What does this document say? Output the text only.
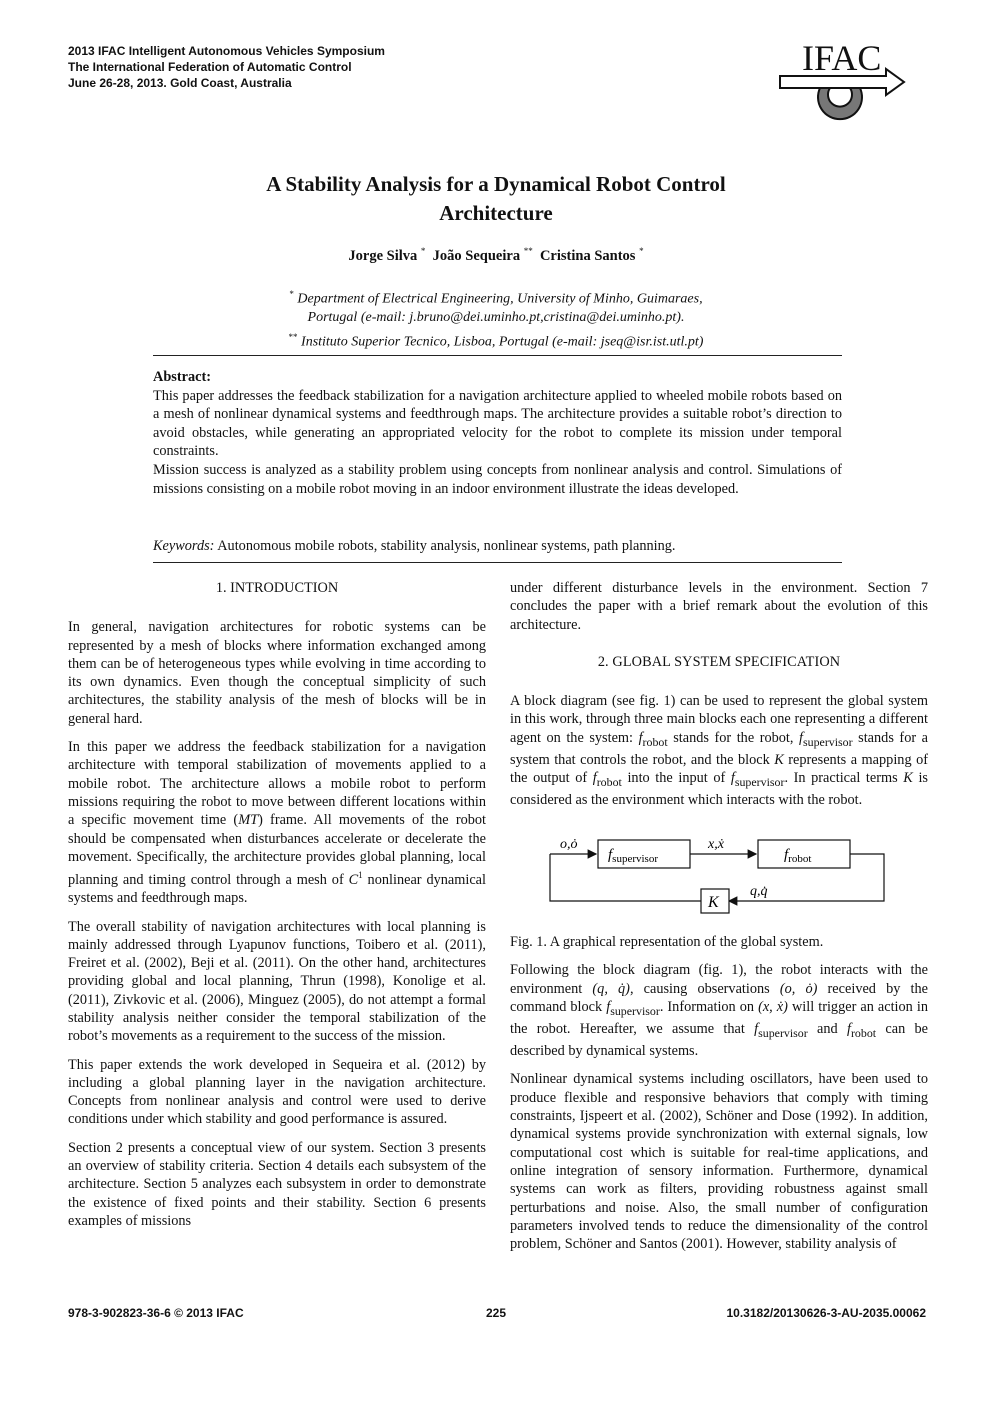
2013 IFAC Intelligent Autonomous Vehicles Symposium
The International Federation of Automatic Control
June 26-28, 2013. Gold Coast, Australia
IFAC
A Stability Analysis for a Dynamical Robot Control
Architecture
Jorge Silva * João Sequeira ** Cristina Santos *
* Department of Electrical Engineering, University of Minho, Guimaraes,
Portugal (e-mail: j.bruno@dei.uminho.pt,cristina@dei.uminho.pt).
** Instituto Superior Tecnico, Lisboa, Portugal (e-mail: jseq@isr.ist.utl.pt)

Abstract:

This paper addresses the feedback stabilization for a navigation architecture applied to wheeled mobile robots based on a mesh of nonlinear dynamical systems and feedthrough maps. The architecture provides a suitable robot’s direction to avoid obstacles, while generating an appropriated velocity for the robot to complete its mission under temporal constraints.

Mission success is analyzed as a stability problem using concepts from nonlinear analysis and control. Simulations of missions consisting on a mobile robot moving in an indoor environment illustrate the ideas developed.

Keywords: Autonomous mobile robots, stability analysis, nonlinear systems, path planning.
1. INTRODUCTION

In general, navigation architectures for robotic systems can be represented by a mesh of blocks where information exchanged among them can be of heterogeneous types while evolving in time according to its own dynamics. Even though the conceptual simplicity of such architectures, the stability analysis of the mesh of blocks will be in general hard.

In this paper we address the feedback stabilization for a navigation architecture with temporal stabilization of movements applied to a mobile robot. The architecture allows a mobile robot to perform missions requiring the robot to move between different locations within a specific movement time (MT) frame. All movements of the robot should be compensated when disturbances accelerate or decelerate the movement. Specifically, the architecture provides global planning, local planning and timing control through a mesh of $C^1$ nonlinear dynamical systems and feedthrough maps.

The overall stability of navigation architectures with local planning is mainly addressed through Lyapunov functions, Toibero et al. (2011), Freiret et al. (2002), Beji et al. (2011). On the other hand, architectures providing global and local planning, Thrun (1998), Konolige et al. (2011), Zivkovic et al. (2006), Minguez (2005), do not attempt a formal stability analysis neither consider the temporal stabilization of the robot’s movements as a requirement to the success of the mission.

This paper extends the work developed in Sequeira et al. (2012) by including a global planning layer in the navigation architecture. Concepts from nonlinear analysis and control were used to derive conditions under which stability and good performance is assured.

Section 2 presents a conceptual view of our system. Section 3 presents an overview of stability criteria. Section 4 details each subsystem of the architecture. Section 5 analyzes each subsystem in order to demonstrate the existence of fixed points and their stability. Section 6 presents examples of missions

under different disturbance levels in the environment. Section 7 concludes the paper with a brief remark about the evolution of this architecture.

2. GLOBAL SYSTEM SPECIFICATION

A block diagram (see fig. 1) can be used to represent the global system in this work, through three main blocks each one representing a different agent on the system: $f_{robot}$ stands for the robot, $f_{supervisor}$ stands for a system that controls the robot, and the block K represents a mapping of the output of $f_{robot}$ into the input of $f_{supervisor}$. In practical terms K is considered as the environment which interacts with the robot.

o,ȯ
$f_{supervisor}$
x,ẋ
$f_{robot}$
q,q̇
K

Fig. 1. A graphical representation of the global system.

Following the block diagram (fig. 1), the robot interacts with the environment (q, q̇), causing observations (o, ȯ) received by the command block $f_{supervisor}$. Information on (x, ẋ) will trigger an action in the robot. Hereafter, we assume that $f_{supervisor}$ and $f_{robot}$ can be described by dynamical systems.

Nonlinear dynamical systems including oscillators, have been used to produce flexible and responsive behaviors that comply with timing constraints, Ijspeert et al. (2002), Schöner and Dose (1992). In addition, dynamical systems provide synchronization with external signals, low computational cost which is suitable for real-time applications, and online integration of sensory information. Furthermore, dynamical systems can work as filters, providing robustness against small perturbations and noise. Also, the small number of configuration parameters involved tends to reduce the dimensionality of the control problem, Schöner and Santos (2001). However, stability analysis of

978-3-902823-36-6 © 2013 IFAC	225	10.3182/20130626-3-AU-2035.00062
